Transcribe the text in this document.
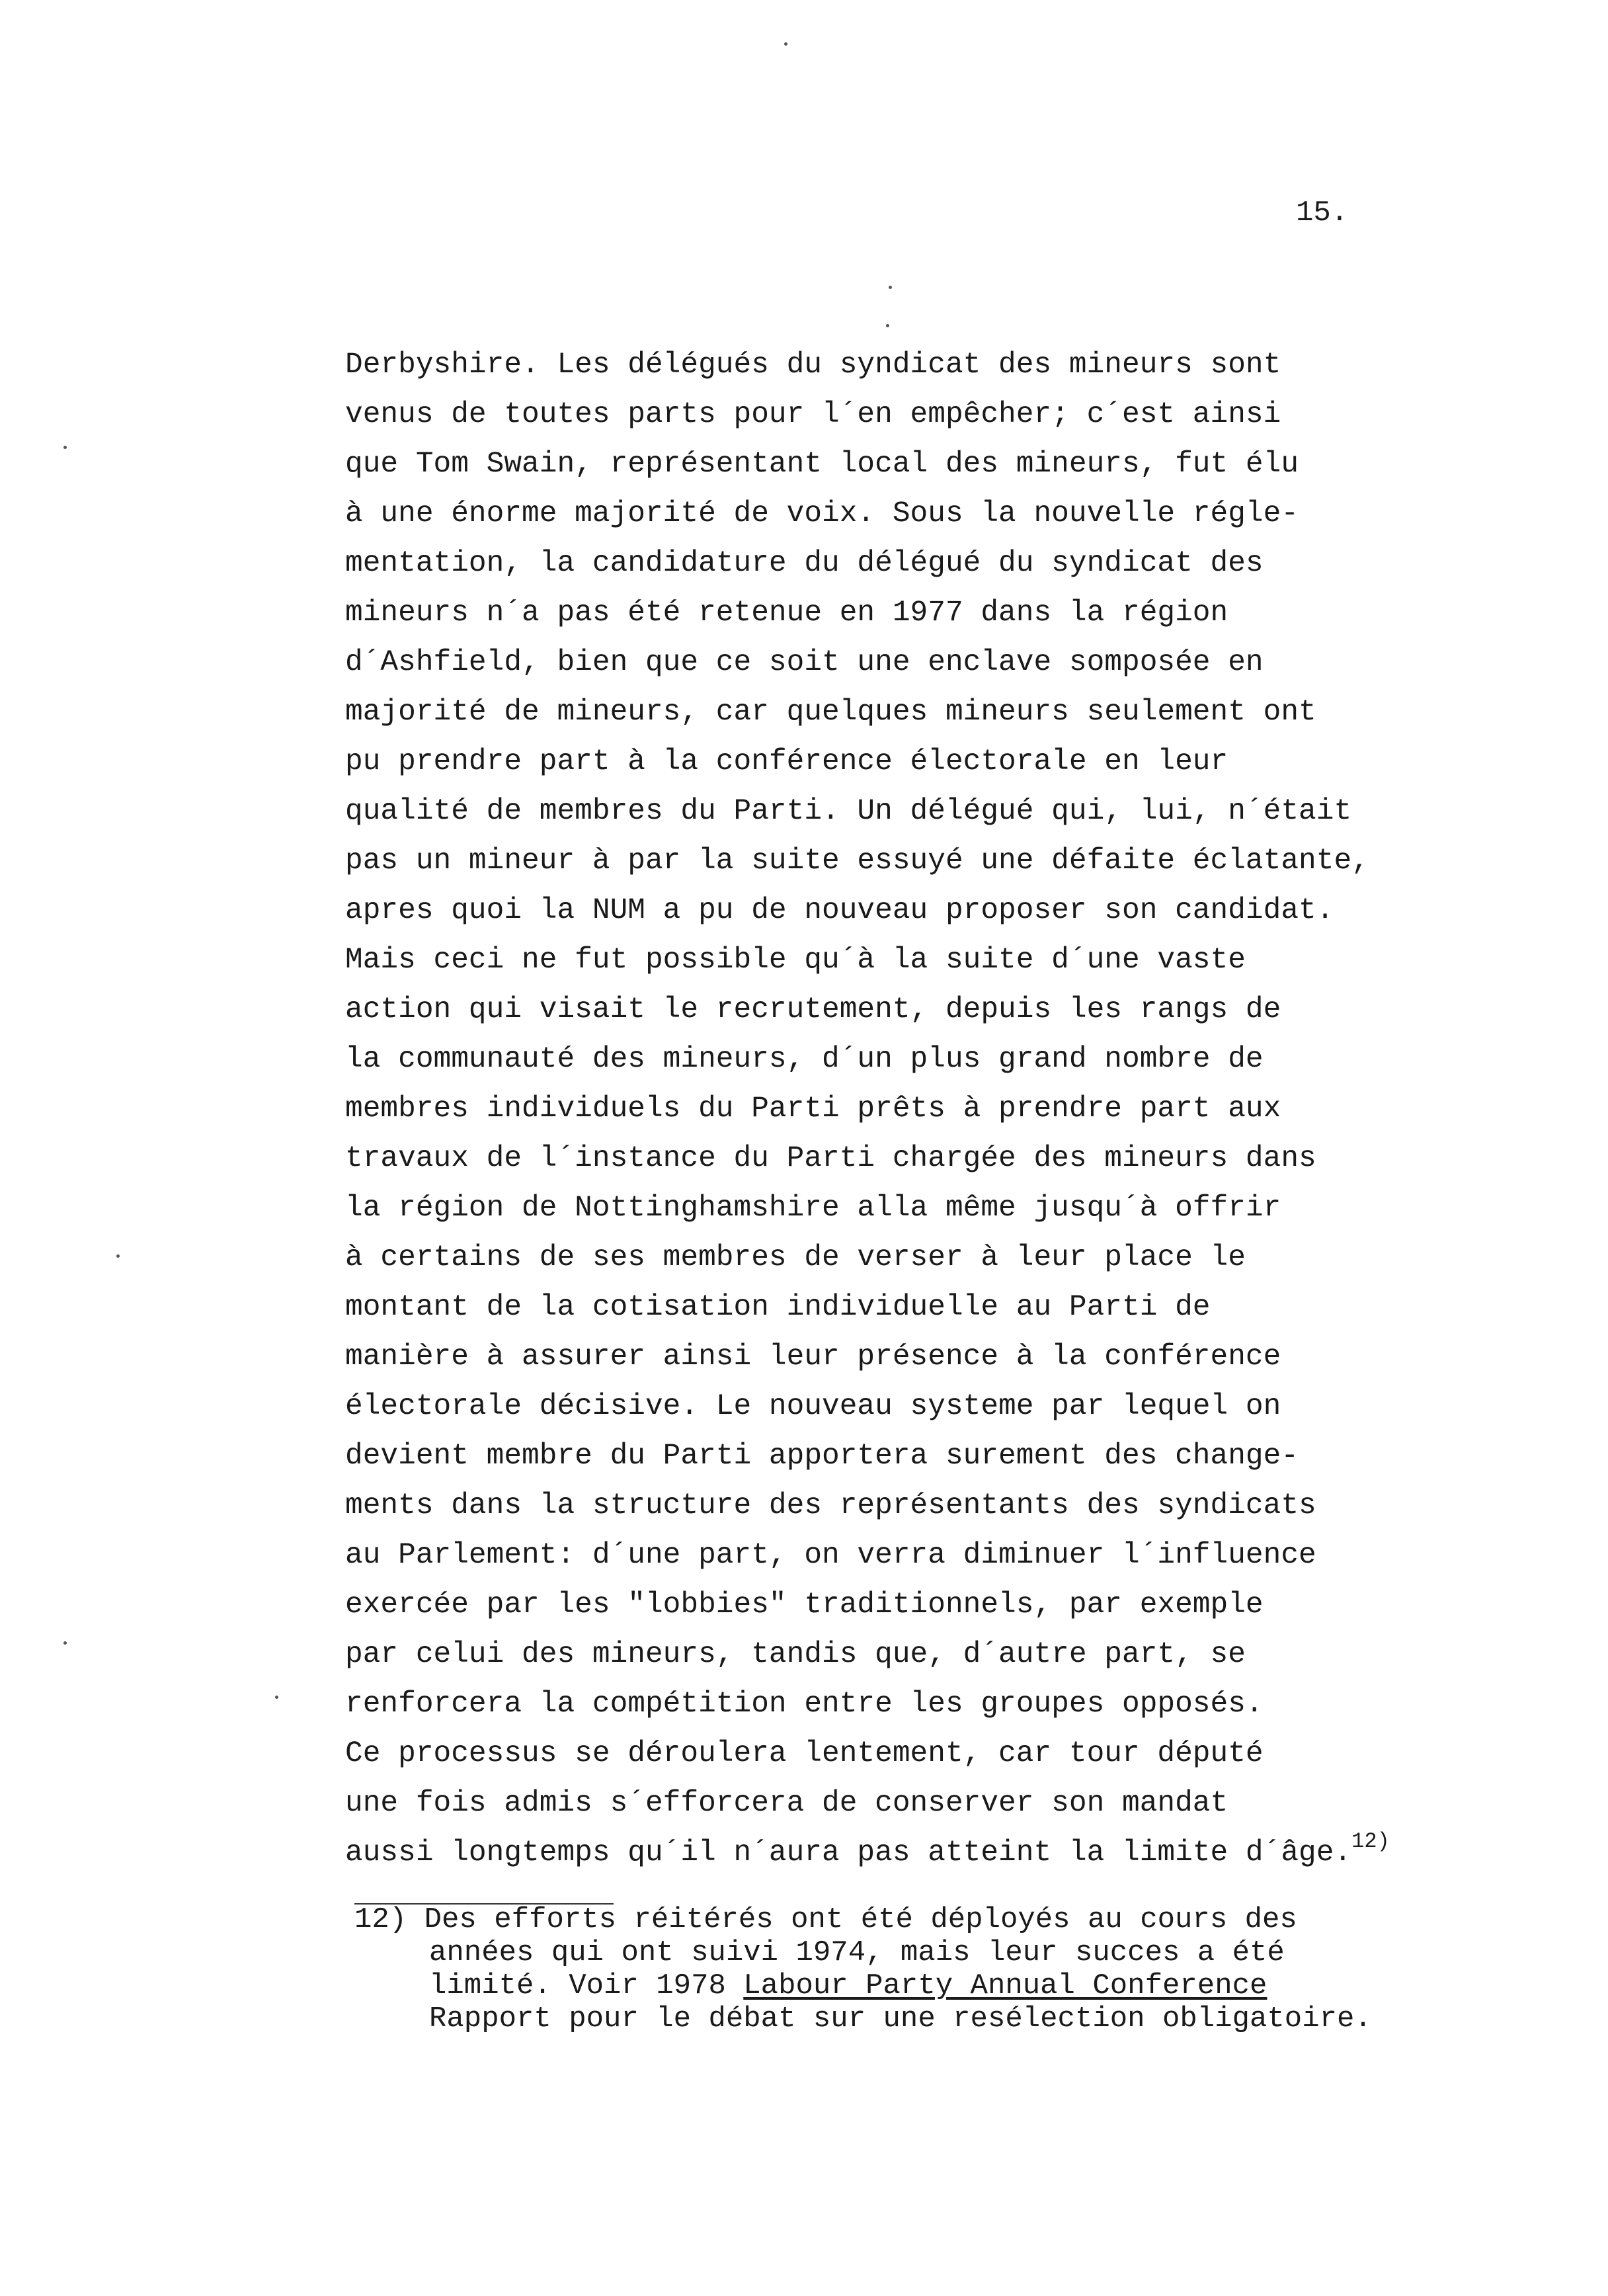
15.
Derbyshire. Les délégués du syndicat des mineurs sont
venus de toutes parts pour l´en empêcher; c´est ainsi
que Tom Swain, représentant local des mineurs, fut élu
à une énorme majorité de voix. Sous la nouvelle régle-
mentation, la candidature du délégué du syndicat des
mineurs n´a pas été retenue en 1977 dans la région
d´Ashfield, bien que ce soit une enclave somposée en
majorité de mineurs, car quelques mineurs seulement ont
pu prendre part à la conférence électorale en leur
qualité de membres du Parti. Un délégué qui, lui, n´était
pas un mineur à par la suite essuyé une défaite éclatante,
apres quoi la NUM a pu de nouveau proposer son candidat.
Mais ceci ne fut possible qu´à la suite d´une vaste
action qui visait le recrutement, depuis les rangs de
la communauté des mineurs, d´un plus grand nombre de
membres individuels du Parti prêts à prendre part aux
travaux de l´instance du Parti chargée des mineurs dans
la région de Nottinghamshire alla même jusqu´à offrir
à certains de ses membres de verser à leur place le
montant de la cotisation individuelle au Parti de
manière à assurer ainsi leur présence à la conférence
électorale décisive. Le nouveau systeme par lequel on
devient membre du Parti apportera surement des change-
ments dans la structure des représentants des syndicats
au Parlement: d´une part, on verra diminuer l´influence
exercée par les "lobbies" traditionnels, par exemple
par celui des mineurs, tandis que, d´autre part, se
renforcera la compétition entre les groupes opposés.
Ce processus se déroulera lentement, car tour député
une fois admis s´efforcera de conserver son mandat
aussi longtemps qu´il n´aura pas atteint la limite d´âge.$^{12)}$
12) Des efforts réitérés ont été déployés au cours des
années qui ont suivi 1974, mais leur succes a été
limité. Voir 1978 Labour Party Annual Conference
Rapport pour le débat sur une resélection obligatoire.
